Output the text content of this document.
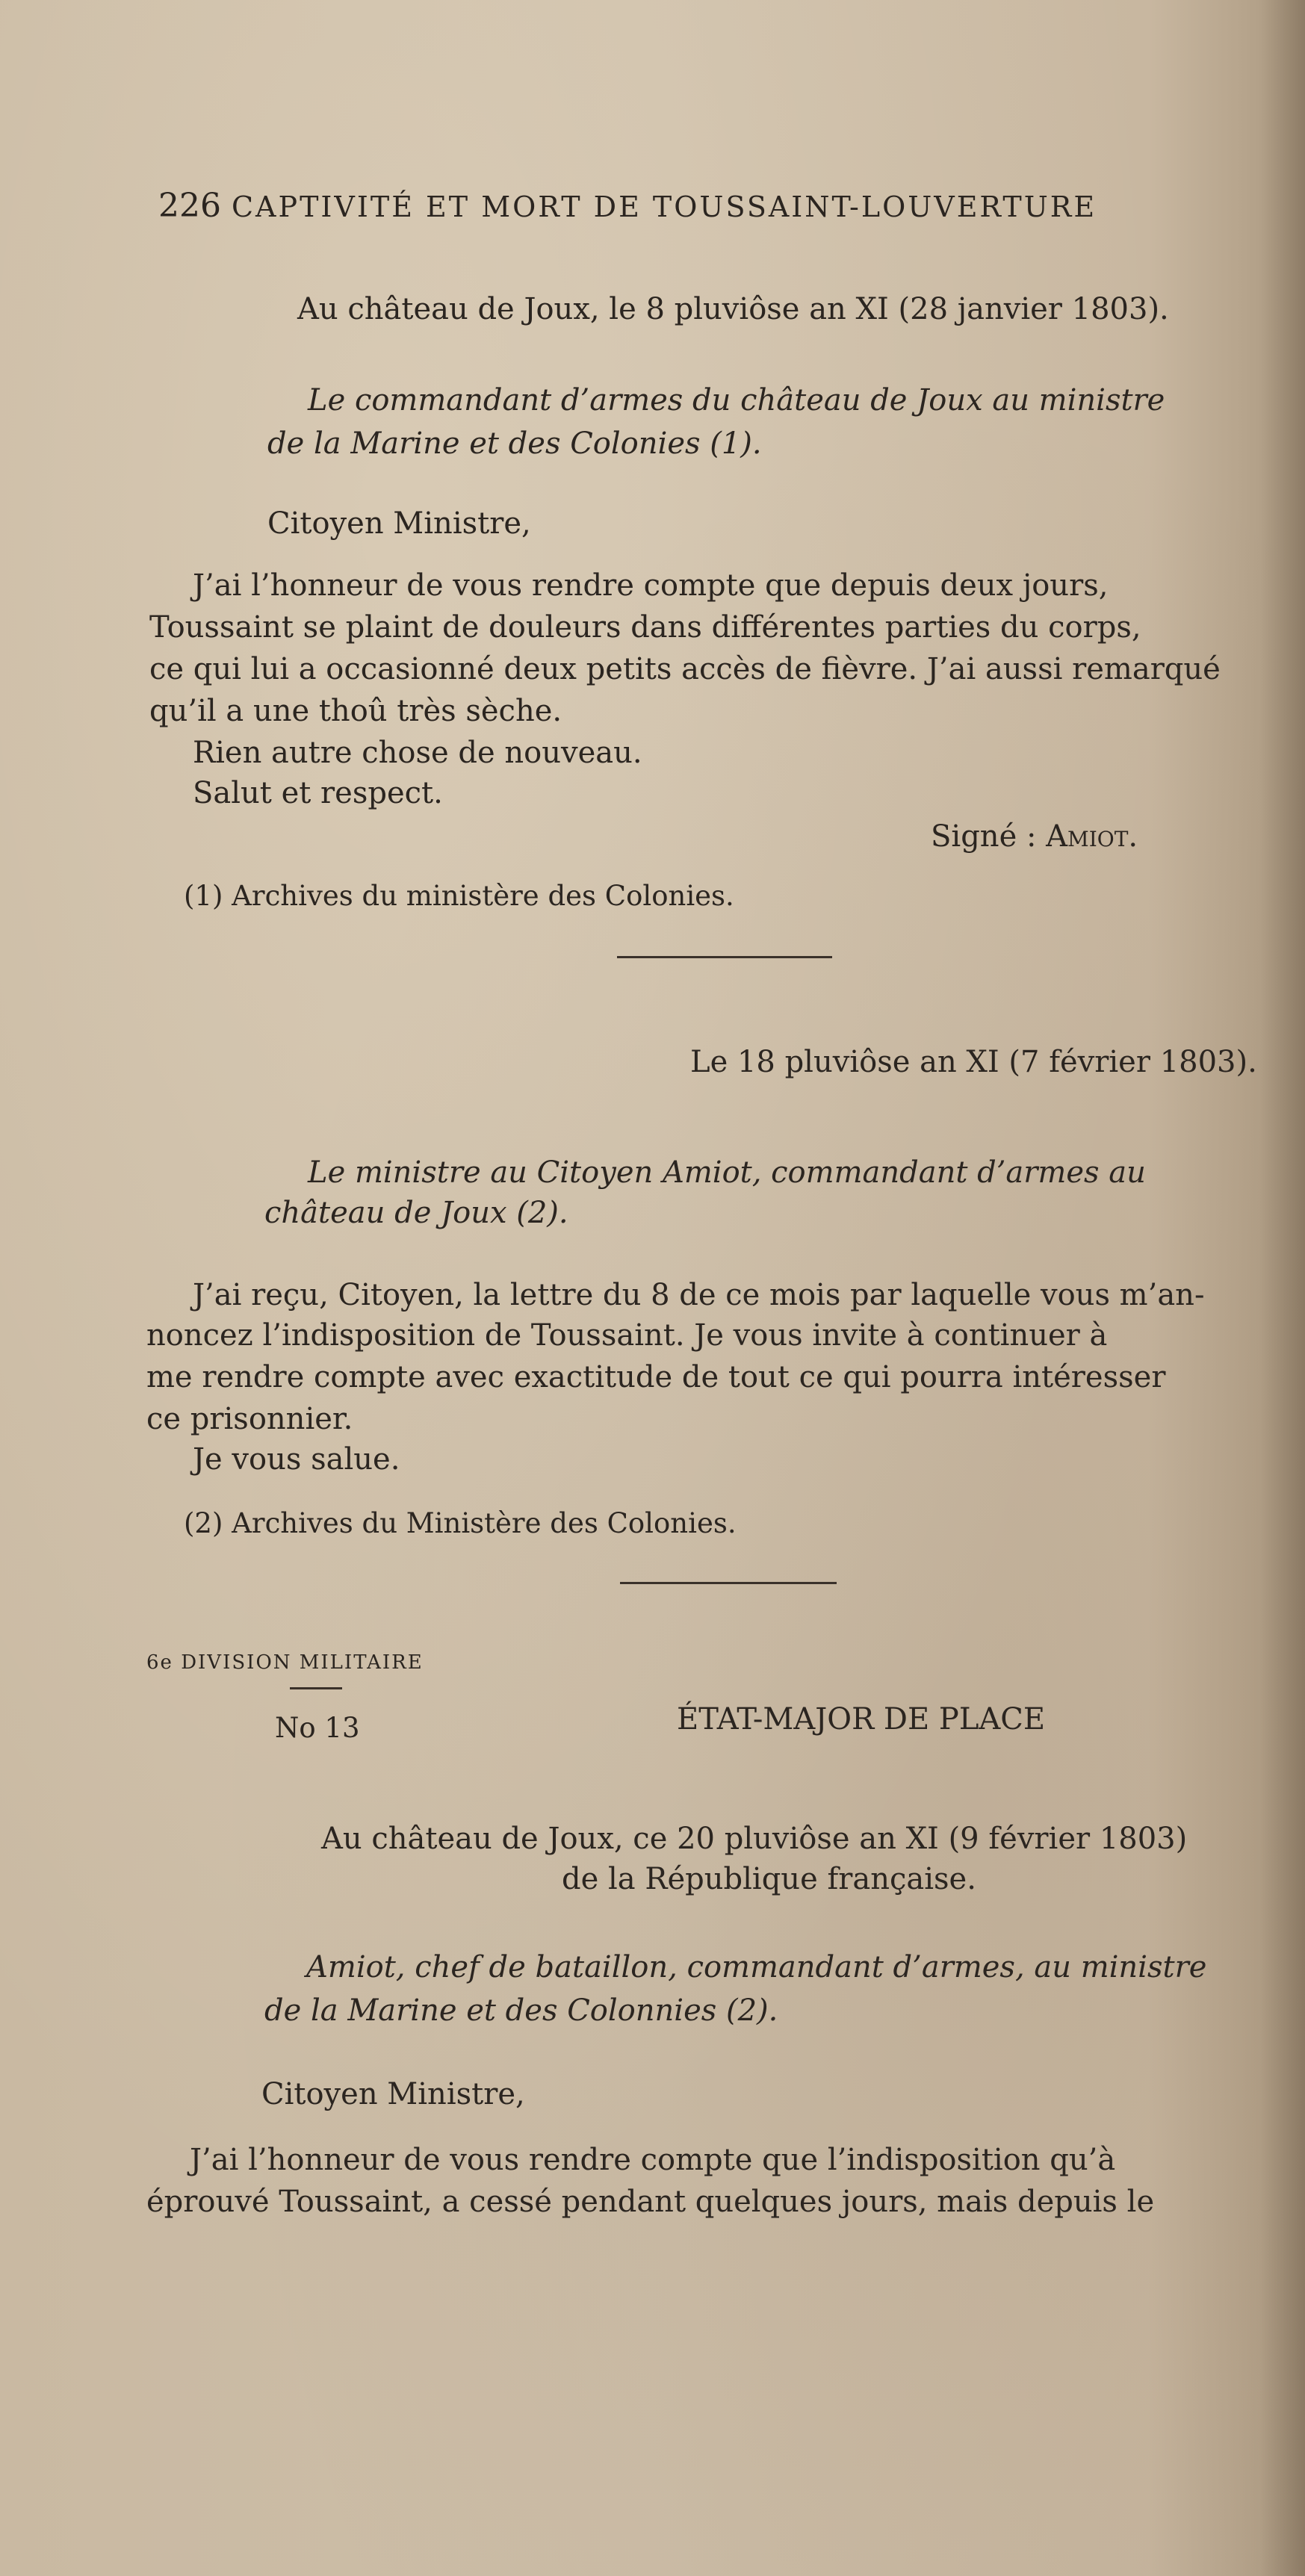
226 CAPTIVITÉ ET MORT DE TOUSSAINT-LOUVERTURE
Au château de Joux, le 8 pluviôse an XI (28 janvier 1803).
Le commandant d’armes du château de Joux au ministre
de la Marine et des Colonies (1).
Citoyen Ministre,
J’ai l’honneur de vous rendre compte que depuis deux jours,
Toussaint se plaint de douleurs dans différentes parties du corps,
ce qui lui a occasionné deux petits accès de fièvre. J’ai aussi remarqué
qu’il a une thoû très sèche.
Rien autre chose de nouveau.
Salut et respect.
Signé : Amiot.
(1) Archives du ministère des Colonies.
Le 18 pluviôse an XI (7 février 1803).
Le ministre au Citoyen Amiot, commandant d’armes au
château de Joux (2).
J’ai reçu, Citoyen, la lettre du 8 de ce mois par laquelle vous m’an-
noncez l’indisposition de Toussaint. Je vous invite à continuer à
me rendre compte avec exactitude de tout ce qui pourra intéresser
ce prisonnier.
Je vous salue.
(2) Archives du Ministère des Colonies.
6e DIVISION MILITAIRE
No 13	ÉTAT-MAJOR DE PLACE
Au château de Joux, ce 20 pluviôse an XI (9 février 1803)
de la République française.
Amiot, chef de bataillon, commandant d’armes, au ministre
de la Marine et des Colonnies (2).
Citoyen Ministre,
J’ai l’honneur de vous rendre compte que l’indisposition qu’à
éprouvé Toussaint, a cessé pendant quelques jours, mais depuis le
